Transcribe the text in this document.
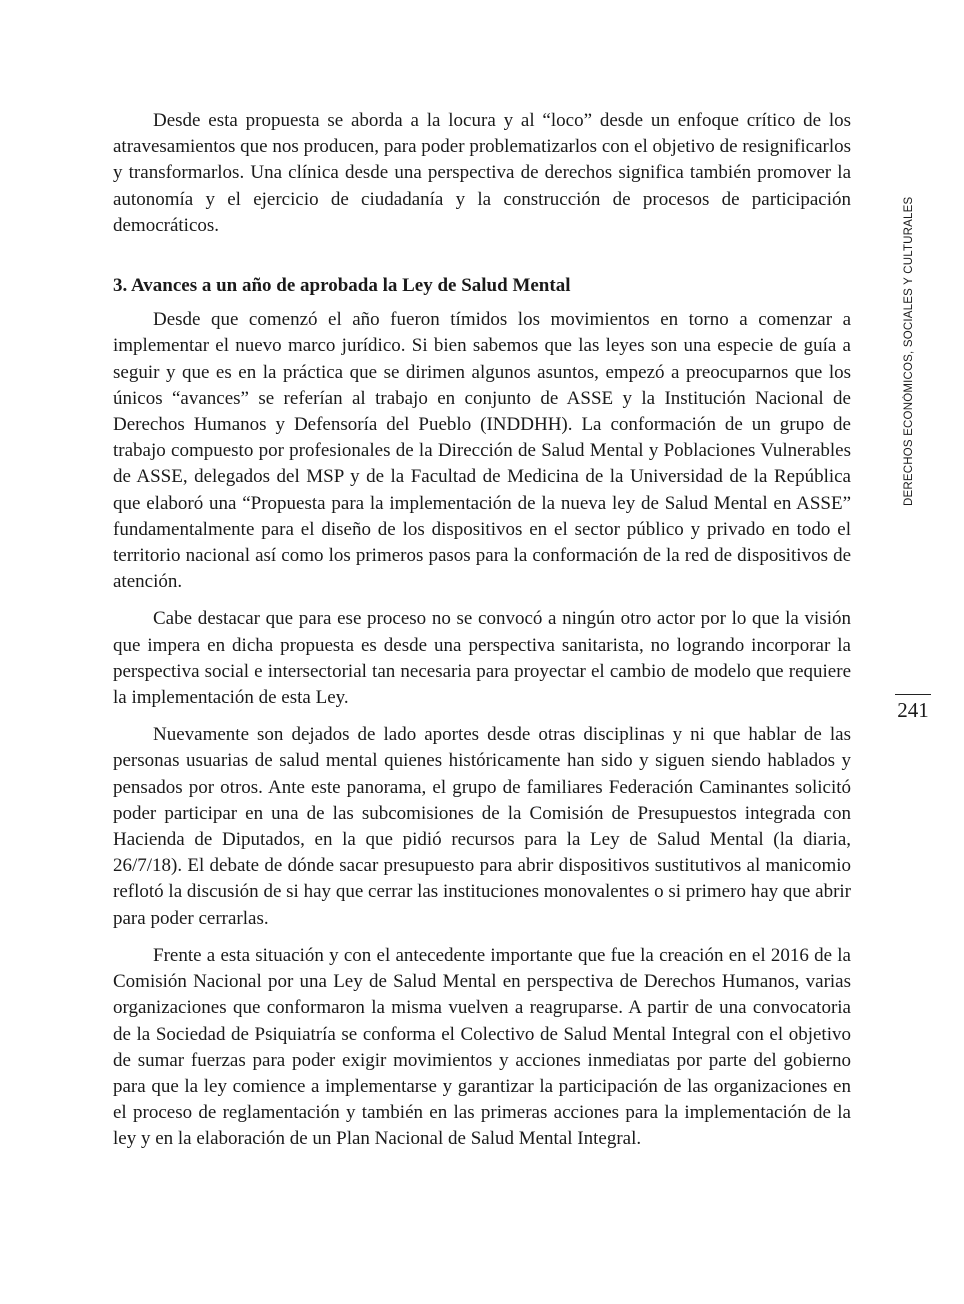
Desde esta propuesta se aborda a la locura y al “loco” desde un enfoque crítico de los atravesamientos que nos producen, para poder problematizarlos con el objetivo de resignificarlos y transformarlos. Una clínica desde una perspectiva de derechos significa también promover la autonomía y el ejercicio de ciudadanía y la construcción de procesos de participación democráticos.

3. Avances a un año de aprobada la Ley de Salud Mental

Desde que comenzó el año fueron tímidos los movimientos en torno a comenzar a implementar el nuevo marco jurídico. Si bien sabemos que las leyes son una especie de guía a seguir y que es en la práctica que se dirimen algunos asuntos, empezó a preocuparnos que los únicos “avances” se referían al trabajo en conjunto de ASSE y la Institución Nacional de Derechos Humanos y Defensoría del Pueblo (INDDHH). La conformación de un grupo de trabajo compuesto por profesionales de la Dirección de Salud Mental y Poblaciones Vulnerables de ASSE, delegados del MSP y de la Facultad de Medicina de la Universidad de la República que elaboró una “Propuesta para la implementación de la nueva ley de Salud Mental en ASSE” fundamentalmente para el diseño de los dispositivos en el sector público y privado en todo el territorio nacional así como los primeros pasos para la conformación de la red de dispositivos de atención.

Cabe destacar que para ese proceso no se convocó a ningún otro actor por lo que la visión que impera en dicha propuesta es desde una perspectiva sanitarista, no logrando incorporar la perspectiva social e intersectorial tan necesaria para proyectar el cambio de modelo que requiere la implementación de esta Ley.

Nuevamente son dejados de lado aportes desde otras disciplinas y ni que hablar de las personas usuarias de salud mental quienes históricamente han sido y siguen siendo hablados y pensados por otros. Ante este panorama, el grupo de familiares Federación Caminantes solicitó poder participar en una de las subcomisiones de la Comisión de Presupuestos integrada con Hacienda de Diputados, en la que pidió recursos para la Ley de Salud Mental (la diaria, 26/7/18). El debate de dónde sacar presupuesto para abrir dispositivos sustitutivos al manicomio reflotó la discusión de si hay que cerrar las instituciones monovalentes o si primero hay que abrir para poder cerrarlas.

Frente a esta situación y con el antecedente importante que fue la creación en el 2016 de la Comisión Nacional por una Ley de Salud Mental en perspectiva de Derechos Humanos, varias organizaciones que conformaron la misma vuelven a reagruparse. A partir de una convocatoria de la Sociedad de Psiquiatría se conforma el Colectivo de Salud Mental Integral con el objetivo de sumar fuerzas para poder exigir movimientos y acciones inmediatas por parte del gobierno para que la ley comience a implementarse y garantizar la participación de las organizaciones en el proceso de reglamentación y también en las primeras acciones para la implementación de la ley y en la elaboración de un Plan Nacional de Salud Mental Integral.

DERECHOS ECONÓMICOS, SOCIALES Y CULTURALES
241
